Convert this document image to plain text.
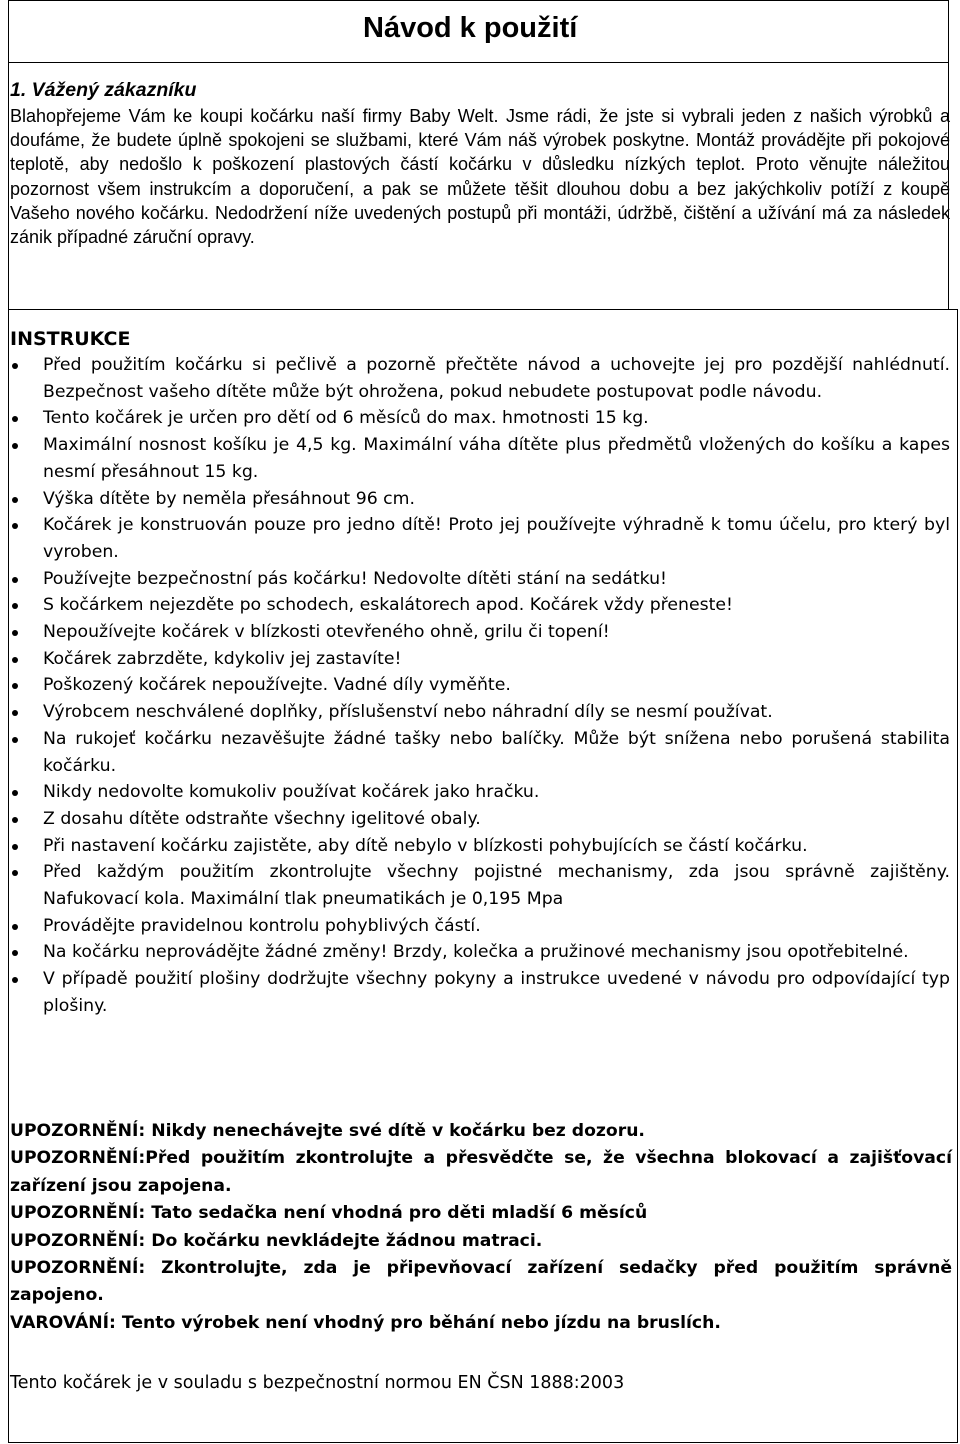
Návod k použití
1. Vážený zákazníku
Blahopřejeme Vám ke koupi kočárku naší firmy Baby Welt. Jsme rádi, že jste si vybrali jeden z našich výrobků a doufáme, že budete úplně spokojeni se službami, které Vám náš výrobek poskytne. Montáž provádějte při pokojové teplotě, aby nedošlo k poškození plastových částí kočárku v důsledku nízkých teplot. Proto věnujte náležitou pozornost všem instrukcím a doporučení, a pak se můžete těšit dlouhou dobu a bez jakýchkoliv potíží z koupě Vašeho nového kočárku. Nedodržení níže uvedených postupů při montáži, údržbě, čištění a užívání má za následek zánik případné záruční opravy.
INSTRUKCE
Před použitím kočárku si pečlivě a pozorně přečtěte návod a uchovejte jej pro pozdější nahlédnutí. Bezpečnost vašeho dítěte může být ohrožena, pokud nebudete postupovat podle návodu.
Tento kočárek je určen pro dětí od 6 měsíců do max. hmotnosti 15 kg.
Maximální nosnost košíku je 4,5 kg. Maximální váha dítěte plus předmětů vložených do košíku a kapes nesmí přesáhnout 15 kg.
Výška dítěte by neměla přesáhnout 96 cm.
Kočárek je konstruován pouze pro jedno dítě! Proto jej používejte výhradně k tomu účelu, pro který byl vyroben.
Používejte bezpečnostní pás kočárku! Nedovolte dítěti stání na sedátku!
S kočárkem nejezděte po schodech, eskalátorech apod. Kočárek vždy přeneste!
Nepoužívejte kočárek v blízkosti otevřeného ohně, grilu či topení!
Kočárek zabrzděte, kdykoliv jej zastavíte!
Poškozený kočárek nepoužívejte. Vadné díly vyměňte.
Výrobcem neschválené doplňky, příslušenství nebo náhradní díly se nesmí používat.
Na rukojeť kočárku nezavěšujte žádné tašky nebo balíčky. Může být snížena nebo porušená stabilita kočárku.
Nikdy nedovolte komukoliv používat kočárek jako hračku.
Z dosahu dítěte odstraňte všechny igelitové obaly.
Při nastavení kočárku zajistěte, aby dítě nebylo v blízkosti pohybujících se částí kočárku.
Před každým použitím zkontrolujte všechny pojistné mechanismy, zda jsou správně zajištěny. Nafukovací kola. Maximální tlak pneumatikách je 0,195 Mpa
Provádějte pravidelnou kontrolu pohyblivých částí.
Na kočárku neprovádějte žádné změny! Brzdy, kolečka a pružinové mechanismy jsou opotřebitelné.
V případě použití plošiny dodržujte všechny pokyny a instrukce uvedené v návodu pro odpovídající typ plošiny.

UPOZORNĚNÍ: Nikdy nenechávejte své dítě v kočárku bez dozoru.

UPOZORNĚNÍ:Před použitím zkontrolujte a přesvědčte se, že všechna blokovací a zajišťovací zařízení jsou zapojena.

UPOZORNĚNÍ: Tato sedačka není vhodná pro děti mladší 6 měsíců

UPOZORNĚNÍ: Do kočárku nevkládejte žádnou matraci.

UPOZORNĚNÍ: Zkontrolujte, zda je připevňovací zařízení sedačky před použitím správně zapojeno.

VAROVÁNÍ: Tento výrobek není vhodný pro běhání nebo jízdu na bruslích.

Tento kočárek je v souladu s bezpečnostní normou EN ČSN 1888:2003
